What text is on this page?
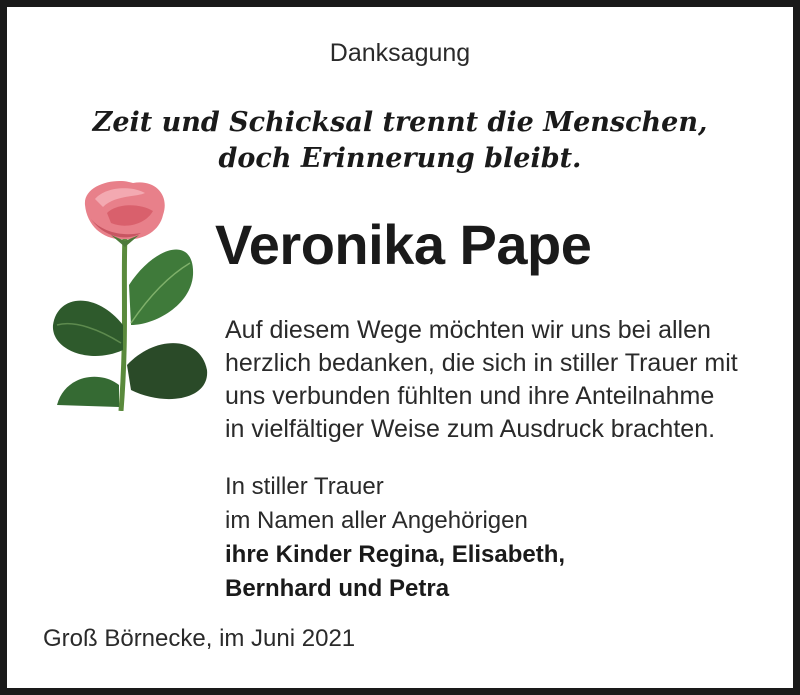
Danksagung
Zeit und Schicksal trennt die Menschen,
doch Erinnerung bleibt.
Veronika Pape
Auf diesem Wege möchten wir uns bei allen
herzlich bedanken, die sich in stiller Trauer mit
uns verbunden fühlten und ihre Anteilnahme
in vielfältiger Weise zum Ausdruck brachten.
In stiller Trauer
im Namen aller Angehörigen
ihre Kinder Regina, Elisabeth,
Bernhard und Petra
Groß Börnecke, im Juni 2021
